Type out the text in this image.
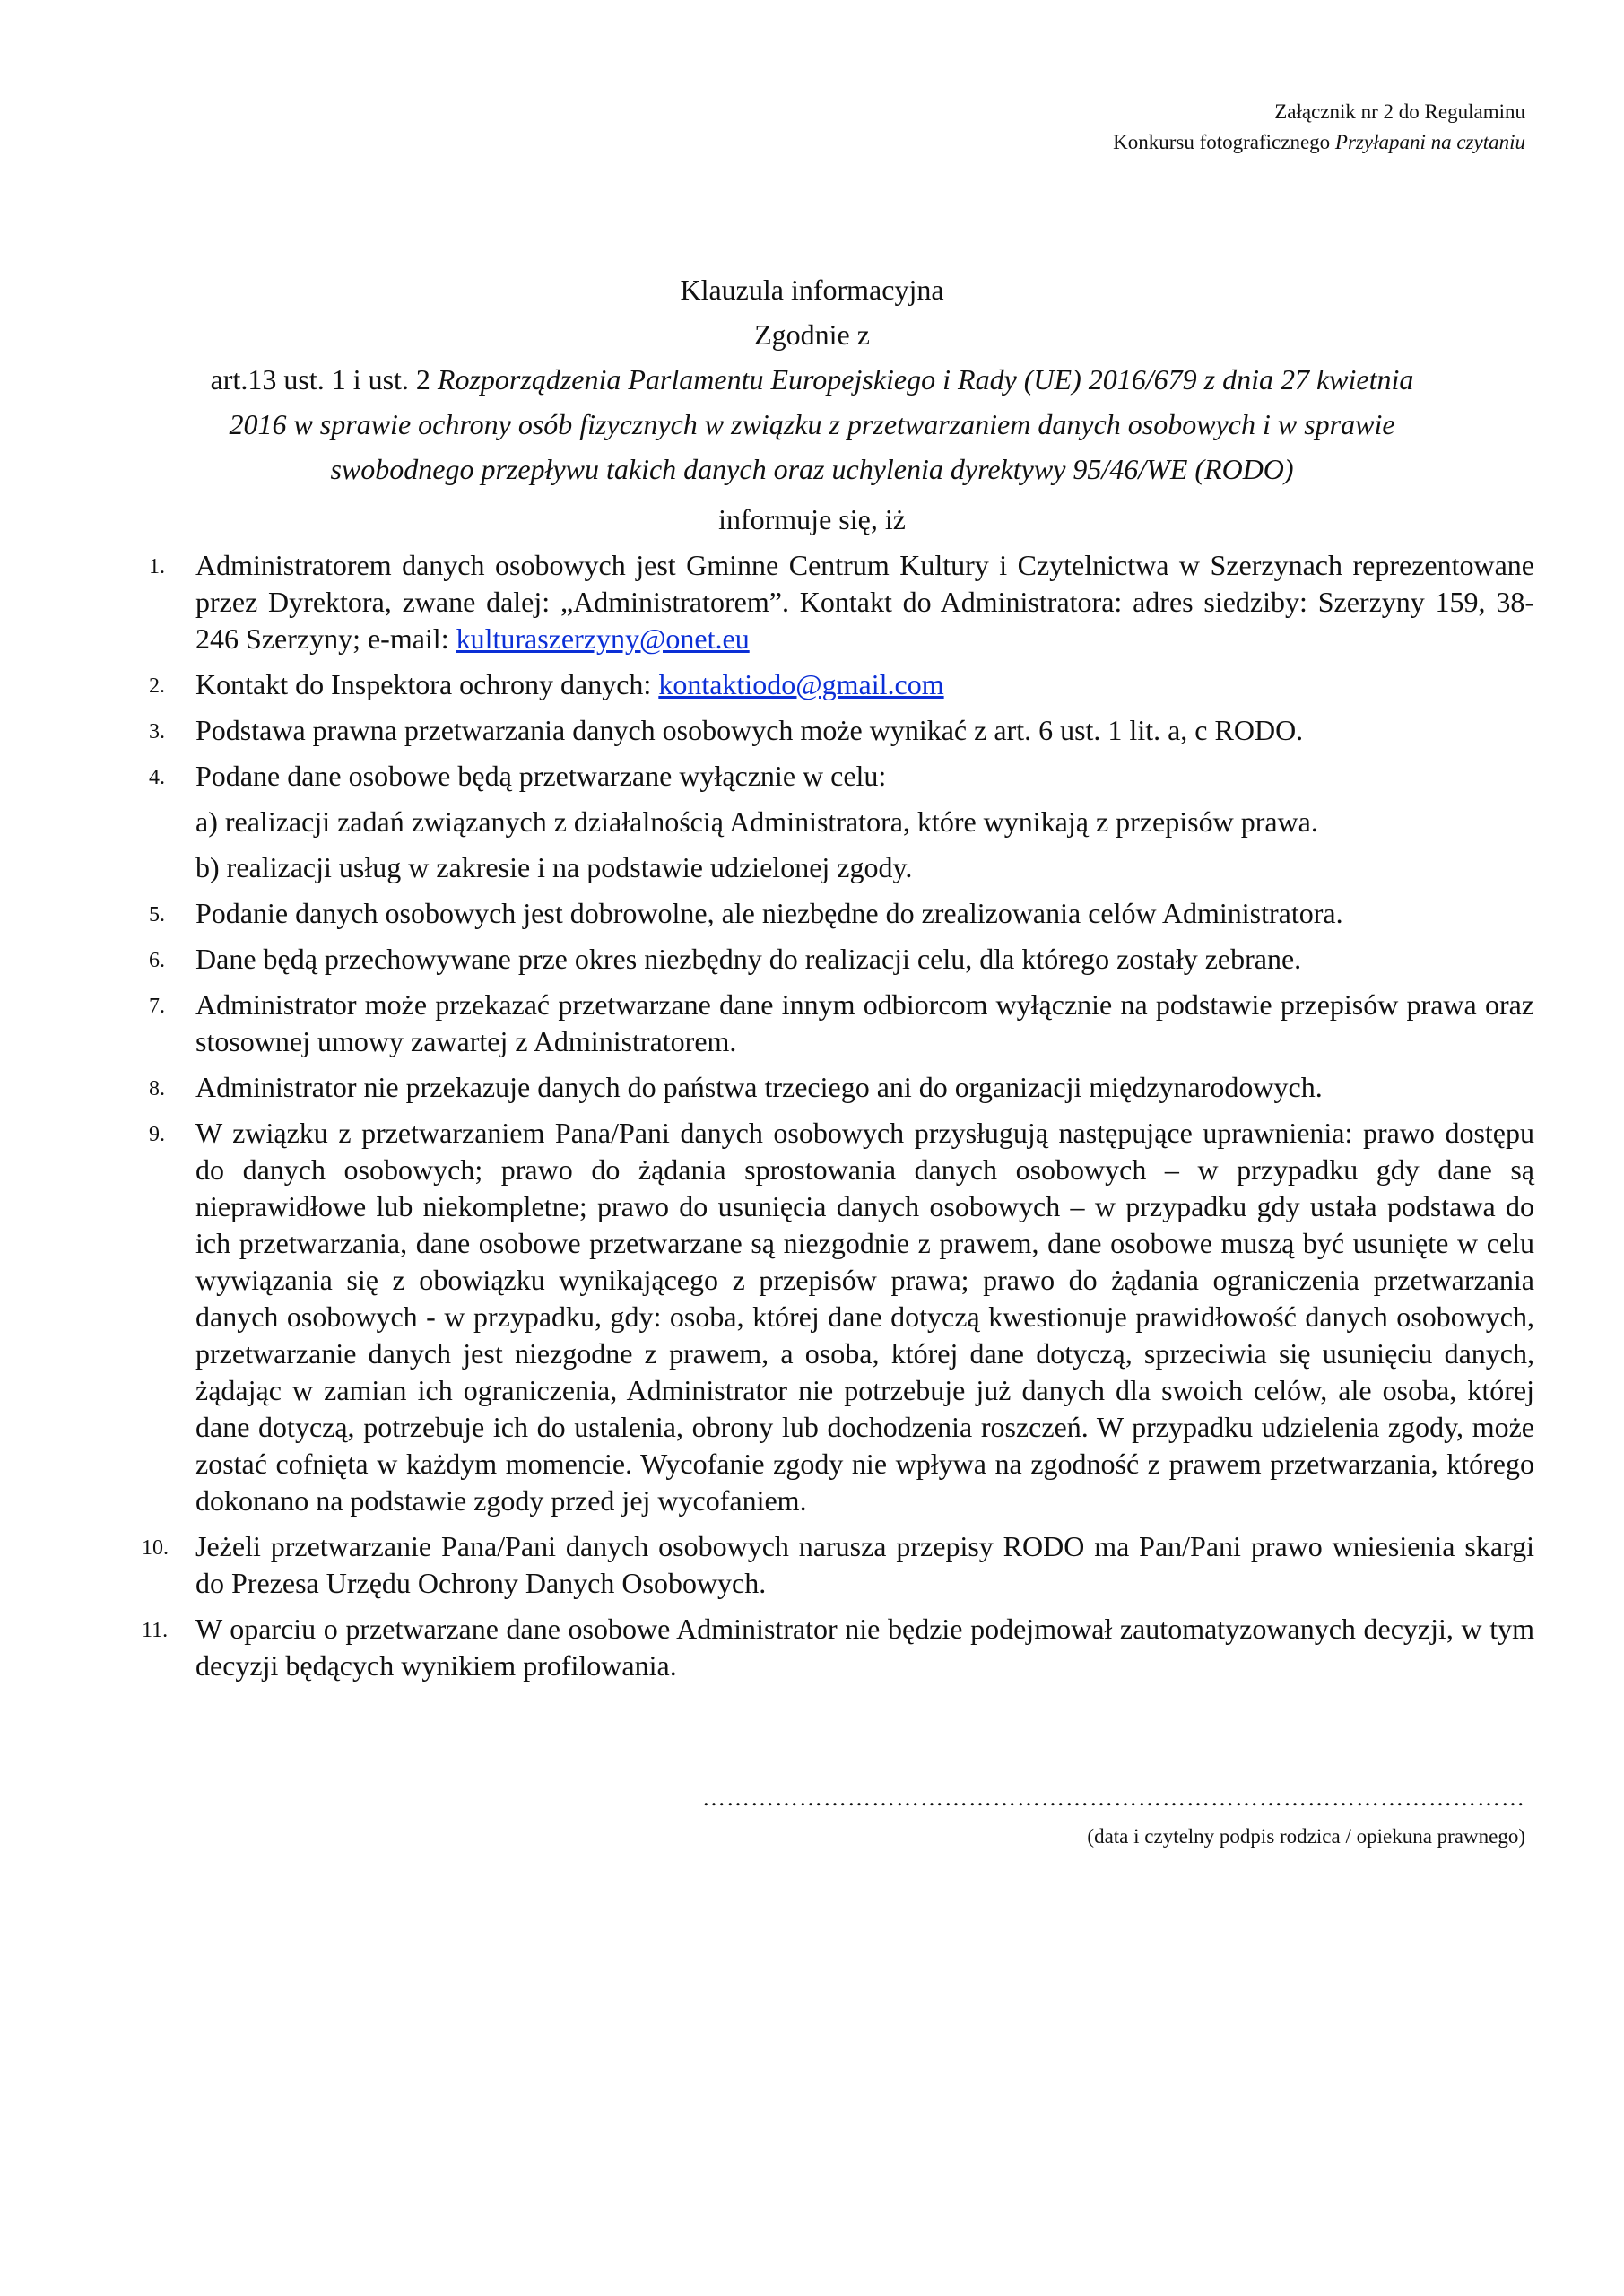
Załącznik nr 2 do Regulaminu
Konkursu fotograficznego Przyłapani na czytaniu
Klauzula informacyjna
Zgodnie z
art.13 ust. 1 i ust. 2 Rozporządzenia Parlamentu Europejskiego i Rady (UE) 2016/679 z dnia 27 kwietnia
2016 w sprawie ochrony osób fizycznych w związku z przetwarzaniem danych osobowych i w sprawie
swobodnego przepływu takich danych oraz uchylenia dyrektywy 95/46/WE (RODO)
informuje się, iż
1.	Administratorem danych osobowych jest Gminne Centrum Kultury i Czytelnictwa w Szerzynach reprezentowane przez Dyrektora, zwane dalej: „Administratorem”. Kontakt do Administratora: adres siedziby: Szerzyny 159, 38-246 Szerzyny; e-mail: kulturaszerzyny@onet.eu
2.	Kontakt do Inspektora ochrony danych: kontaktiodo@gmail.com
3.	Podstawa prawna przetwarzania danych osobowych może wynikać z art. 6 ust. 1 lit. a, c RODO.
4.	Podane dane osobowe będą przetwarzane wyłącznie w celu:
a) realizacji zadań związanych z działalnością Administratora, które wynikają z przepisów prawa.
b) realizacji usług w zakresie i na podstawie udzielonej zgody.
5.	Podanie danych osobowych jest dobrowolne, ale niezbędne do zrealizowania celów Administratora.
6.	Dane będą przechowywane prze okres niezbędny do realizacji celu, dla którego zostały zebrane.
7.	Administrator może przekazać przetwarzane dane innym odbiorcom wyłącznie na podstawie przepisów prawa oraz stosownej umowy zawartej z Administratorem.
8.	Administrator nie przekazuje danych do państwa trzeciego ani do organizacji międzynarodowych.
9.	W związku z przetwarzaniem Pana/Pani danych osobowych przysługują następujące uprawnienia: prawo dostępu do danych osobowych; prawo do żądania sprostowania danych osobowych – w przypadku gdy dane są nieprawidłowe lub niekompletne; prawo do usunięcia danych osobowych – w przypadku gdy ustała podstawa do ich przetwarzania, dane osobowe przetwarzane są niezgodnie z prawem, dane osobowe muszą być usunięte w celu wywiązania się z obowiązku wynikającego z przepisów prawa; prawo do żądania ograniczenia przetwarzania danych osobowych - w przypadku, gdy: osoba, której dane dotyczą kwestionuje prawidłowość danych osobowych, przetwarzanie danych jest niezgodne z prawem, a osoba, której dane dotyczą, sprzeciwia się usunięciu danych, żądając w zamian ich ograniczenia, Administrator nie potrzebuje już danych dla swoich celów, ale osoba, której dane dotyczą, potrzebuje ich do ustalenia, obrony lub dochodzenia roszczeń. W przypadku udzielenia zgody, może zostać cofnięta w każdym momencie. Wycofanie zgody nie wpływa na zgodność z prawem przetwarzania, którego dokonano na podstawie zgody przed jej wycofaniem.
10. Jeżeli przetwarzanie Pana/Pani danych osobowych narusza przepisy RODO ma Pan/Pani prawo wniesienia skargi do Prezesa Urzędu Ochrony Danych Osobowych.
11. W oparciu o przetwarzane dane osobowe Administrator nie będzie podejmował zautomatyzowanych decyzji, w tym decyzji będących wynikiem profilowania.
…………………………………………………………………………………………
(data i czytelny podpis rodzica / opiekuna prawnego)
